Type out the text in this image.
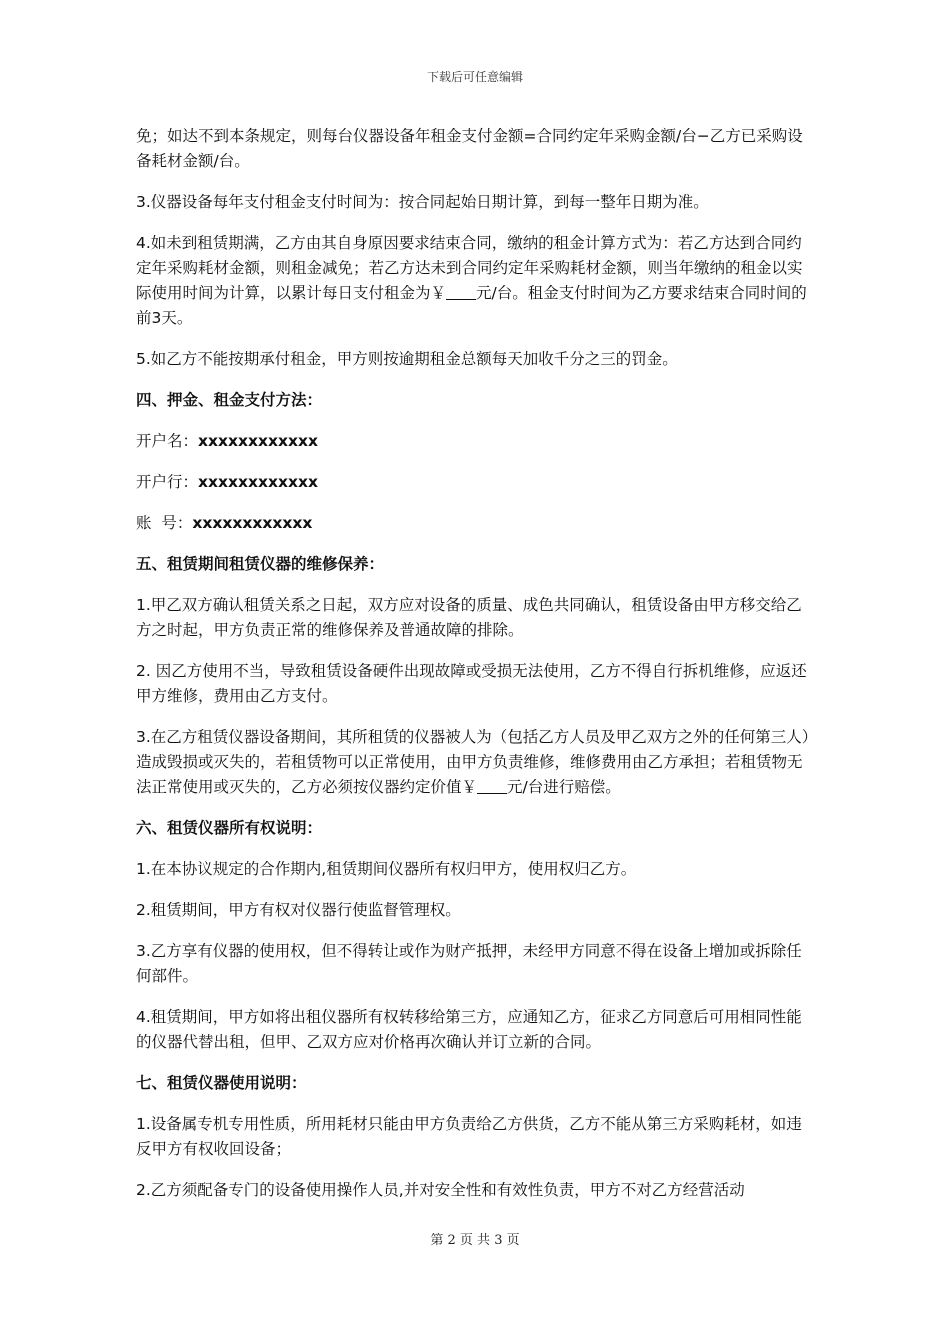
下载后可任意编辑

免；如达不到本条规定，则每台仪器设备年租金支付金额=合同约定年采购金额/台−乙方已采购设备耗材金额/台。

3.仪器设备每年支付租金支付时间为：按合同起始日期计算，到每一整年日期为准。

4.如未到租赁期满，乙方由其自身原因要求结束合同，缴纳的租金计算方式为：若乙方达到合同约定年采购耗材金额，则租金减免；若乙方达未到合同约定年采购耗材金额，则当年缴纳的租金以实际使用时间为计算，以累计每日支付租金为￥ 元/台。租金支付时间为乙方要求结束合同时间的前3天。

5.如乙方不能按期承付租金，甲方则按逾期租金总额每天加收千分之三的罚金。

四、押金、租金支付方法：

开户名：xxxxxxxxxxxx

开户行：xxxxxxxxxxxx

账  号：xxxxxxxxxxxx

五、租赁期间租赁仪器的维修保养：

1.甲乙双方确认租赁关系之日起，双方应对设备的质量、成色共同确认，租赁设备由甲方移交给乙方之时起，甲方负责正常的维修保养及普通故障的排除。

2. 因乙方使用不当，导致租赁设备硬件出现故障或受损无法使用，乙方不得自行拆机维修，应返还甲方维修，费用由乙方支付。

3.在乙方租赁仪器设备期间，其所租赁的仪器被人为（包括乙方人员及甲乙双方之外的任何第三人）造成毁损或灭失的，若租赁物可以正常使用，由甲方负责维修，维修费用由乙方承担；若租赁物无法正常使用或灭失的，乙方必须按仪器约定价值￥ 元/台进行赔偿。

六、租赁仪器所有权说明：

1.在本协议规定的合作期内,租赁期间仪器所有权归甲方，使用权归乙方。

2.租赁期间，甲方有权对仪器行使监督管理权。

3.乙方享有仪器的使用权，但不得转让或作为财产抵押，未经甲方同意不得在设备上增加或拆除任何部件。

4.租赁期间，甲方如将出租仪器所有权转移给第三方，应通知乙方，征求乙方同意后可用相同性能的仪器代替出租，但甲、乙双方应对价格再次确认并订立新的合同。

七、租赁仪器使用说明：

1.设备属专机专用性质，所用耗材只能由甲方负责给乙方供货，乙方不能从第三方采购耗材，如违反甲方有权收回设备；

2.乙方须配备专门的设备使用操作人员,并对安全性和有效性负责，甲方不对乙方经营活动

第 2 页 共 3 页
